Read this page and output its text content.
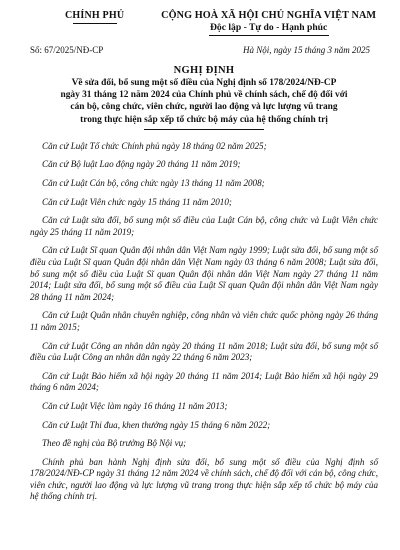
CHÍNH PHỦ	CỘNG HOÀ XÃ HỘI CHỦ NGHĨA VIỆT NAM
Độc lập - Tự do - Hạnh phúc
Số: 67/2025/NĐ-CP	Hà Nội, ngày 15 tháng 3 năm 2025
NGHỊ ĐỊNH
Về sửa đổi, bổ sung một số điều của Nghị định số 178/2024/NĐ-CP
ngày 31 tháng 12 năm 2024 của Chính phủ về chính sách, chế độ đối với
cán bộ, công chức, viên chức, người lao động và lực lượng vũ trang
trong thực hiện sắp xếp tổ chức bộ máy của hệ thống chính trị

Căn cứ Luật Tổ chức Chính phủ ngày 18 tháng 02 năm 2025;

Căn cứ Bộ luật Lao động ngày 20 tháng 11 năm 2019;

Căn cứ Luật Cán bộ, công chức ngày 13 tháng 11 năm 2008;

Căn cứ Luật Viên chức ngày 15 tháng 11 năm 2010;

Căn cứ Luật sửa đổi, bổ sung một số điều của Luật Cán bộ, công chức và Luật Viên chức ngày 25 tháng 11 năm 2019;

Căn cứ Luật Sĩ quan Quân đội nhân dân Việt Nam ngày 1999; Luật sửa đổi, bổ sung một số điều của Luật Sĩ quan Quân đội nhân dân Việt Nam ngày 03 tháng 6 năm 2008; Luật sửa đổi, bổ sung một số điều của Luật Sĩ quan Quân đội nhân dân Việt Nam ngày 27 tháng 11 năm 2014; Luật sửa đổi, bổ sung một số điều của Luật Sĩ quan Quân đội nhân dân Việt Nam ngày 28 tháng 11 năm 2024;

Căn cứ Luật Quân nhân chuyên nghiệp, công nhân và viên chức quốc phòng ngày 26 tháng 11 năm 2015;

Căn cứ Luật Công an nhân dân ngày 20 tháng 11 năm 2018; Luật sửa đổi, bổ sung một số điều của Luật Công an nhân dân ngày 22 tháng 6 năm 2023;

Căn cứ Luật Bảo hiểm xã hội ngày 20 tháng 11 năm 2014; Luật Bảo hiểm xã hội ngày 29 tháng 6 năm 2024;

Căn cứ Luật Việc làm ngày 16 tháng 11 năm 2013;

Căn cứ Luật Thi đua, khen thưởng ngày 15 tháng 6 năm 2022;

Theo đề nghị của Bộ trưởng Bộ Nội vụ;

Chính phủ ban hành Nghị định sửa đổi, bổ sung một số điều của Nghị định số 178/2024/NĐ-CP ngày 31 tháng 12 năm 2024 về chính sách, chế độ đối với cán bộ, công chức, viên chức, người lao động và lực lượng vũ trang trong thực hiện sắp xếp tổ chức bộ máy của hệ thống chính trị.
